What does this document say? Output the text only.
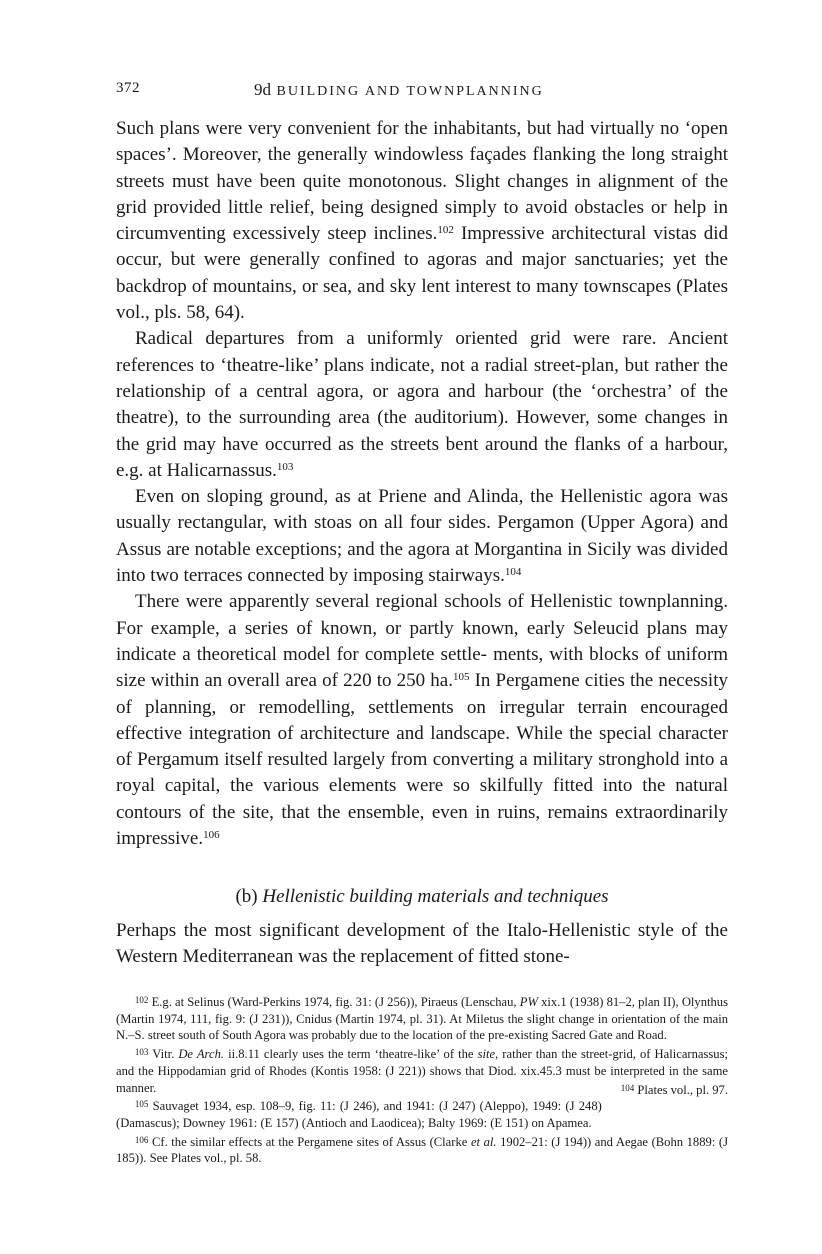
372	9d BUILDING AND TOWNPLANNING

Such plans were very convenient for the inhabitants, but had virtually no ‘open spaces’. Moreover, the generally windowless façades flanking the long straight streets must have been quite monotonous. Slight changes in alignment of the grid provided little relief, being designed simply to avoid obstacles or help in circumventing excessively steep inclines.$^{102}$ Impressive architectural vistas did occur, but were generally confined to agoras and major sanctuaries; yet the backdrop of mountains, or sea, and sky lent interest to many townscapes (Plates vol., pls. 58, 64).

Radical departures from a uniformly oriented grid were rare. Ancient references to ‘theatre-like’ plans indicate, not a radial street-plan, but rather the relationship of a central agora, or agora and harbour (the ‘orchestra’ of the theatre), to the surrounding area (the auditorium). However, some changes in the grid may have occurred as the streets bent around the flanks of a harbour, e.g. at Halicarnassus.$^{103}$

Even on sloping ground, as at Priene and Alinda, the Hellenistic agora was usually rectangular, with stoas on all four sides. Pergamon (Upper Agora) and Assus are notable exceptions; and the agora at Morgantina in Sicily was divided into two terraces connected by imposing stairways.$^{104}$

There were apparently several regional schools of Hellenistic townplanning. For example, a series of known, or partly known, early Seleucid plans may indicate a theoretical model for complete settle- ments, with blocks of uniform size within an overall area of 220 to 250 ha.$^{105}$ In Pergamene cities the necessity of planning, or remodelling, settlements on irregular terrain encouraged effective integration of architecture and landscape. While the special character of Pergamum itself resulted largely from converting a military stronghold into a royal capital, the various elements were so skilfully fitted into the natural contours of the site, that the ensemble, even in ruins, remains extraordinarily impressive.$^{106}$

(b) Hellenistic building materials and techniques

Perhaps the most significant development of the Italo-Hellenistic style of the Western Mediterranean was the replacement of fitted stone-

$^{102}$ E.g. at Selinus (Ward-Perkins 1974, fig. 31: (J 256)), Piraeus (Lenschau, PW xix.1 (1938) 81–2, plan II), Olynthus (Martin 1974, 111, fig. 9: (J 231)), Cnidus (Martin 1974, pl. 31). At Miletus the slight change in orientation of the main N.–S. street south of South Agora was probably due to the location of the pre-existing Sacred Gate and Road.

$^{103}$ Vitr. De Arch. ii.8.11 clearly uses the term ‘theatre-like’ of the site, rather than the street-grid, of Halicarnassus; and the Hippodamian grid of Rhodes (Kontis 1958: (J 221)) shows that Diod. xix.45.3 must be interpreted in the same manner.	$^{104}$ Plates vol., pl. 97.

$^{105}$ Sauvaget 1934, esp. 108–9, fig. 11: (J 246), and 1941: (J 247) (Aleppo), 1949: (J 248) (Damascus); Downey 1961: (E 157) (Antioch and Laodicea); Balty 1969: (E 151) on Apamea.

$^{106}$ Cf. the similar effects at the Pergamene sites of Assus (Clarke et al. 1902–21: (J 194)) and Aegae (Bohn 1889: (J 185)). See Plates vol., pl. 58.
